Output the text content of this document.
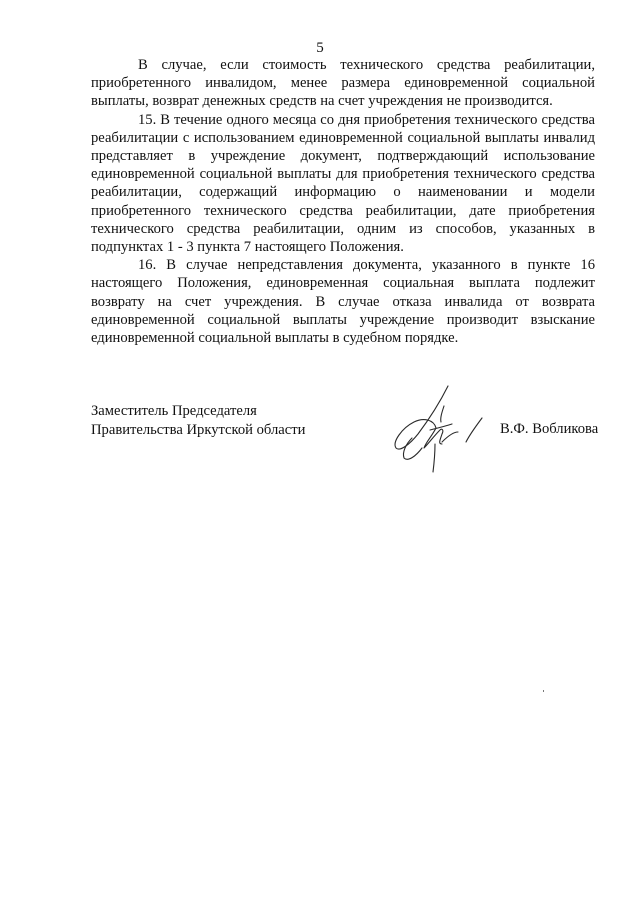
5

В случае, если стоимость технического средства реабилитации, приобретенного инвалидом, менее размера единовременной социальной выплаты, возврат денежных средств на счет учреждения не производится.

15. В течение одного месяца со дня приобретения технического средства реабилитации с использованием единовременной социальной выплаты инвалид представляет в учреждение документ, подтверждающий использование единовременной социальной выплаты для приобретения технического средства реабилитации, содержащий информацию о наименовании и модели приобретенного технического средства реабилитации, дате приобретения технического средства реабилитации, одним из способов, указанных в подпунктах 1 - 3 пункта 7 настоящего Положения.

16. В случае непредставления документа, указанного в пункте 16 настоящего Положения, единовременная социальная выплата подлежит возврату на счет учреждения. В случае отказа инвалида от возврата единовременной социальной выплаты учреждение производит взыскание единовременной социальной выплаты в судебном порядке.

Заместитель Председателя
Правительства Иркутской области	В.Ф. Вобликова
